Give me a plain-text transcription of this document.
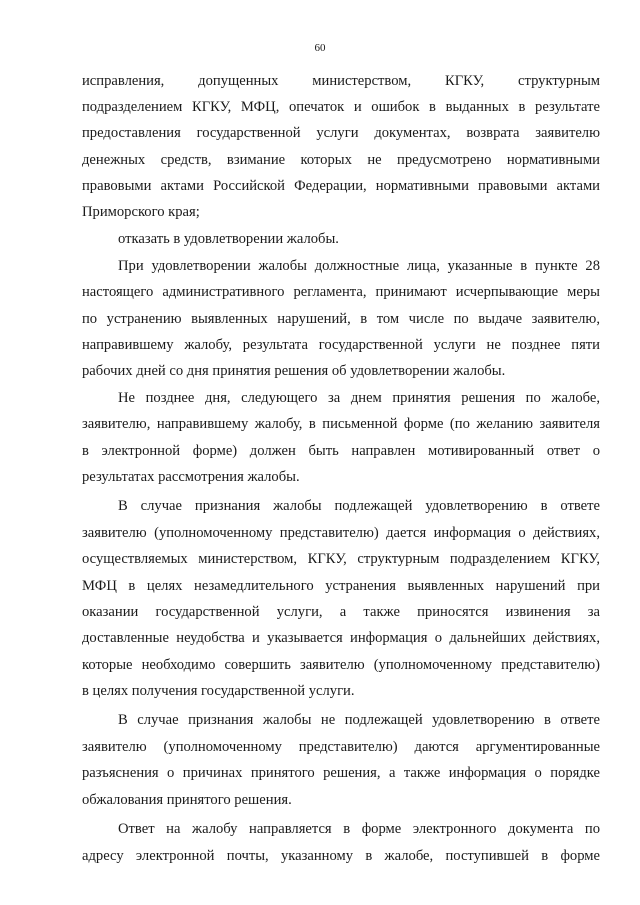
60
исправления, допущенных министерством, КГКУ, структурным
подразделением КГКУ, МФЦ, опечаток и ошибок в выданных в результате
предоставления государственной услуги документах, возврата заявителю
денежных средств, взимание которых не предусмотрено нормативными
правовыми актами Российской Федерации, нормативными правовыми актами
Приморского края;
отказать в удовлетворении жалобы.
При удовлетворении жалобы должностные лица, указанные в пункте 28
настоящего административного регламента, принимают исчерпывающие меры
по устранению выявленных нарушений, в том числе по выдаче заявителю,
направившему жалобу, результата государственной услуги не позднее пяти
рабочих дней со дня принятия решения об удовлетворении жалобы.
Не позднее дня, следующего за днем принятия решения по жалобе,
заявителю, направившему жалобу, в письменной форме (по желанию заявителя
в электронной форме) должен быть направлен мотивированный ответ о
результатах рассмотрения жалобы.
В случае признания жалобы подлежащей удовлетворению в ответе
заявителю (уполномоченному представителю) дается информация о действиях,
осуществляемых министерством, КГКУ, структурным подразделением КГКУ,
МФЦ в целях незамедлительного устранения выявленных нарушений при
оказании государственной услуги, а также приносятся извинения за
доставленные неудобства и указывается информация о дальнейших действиях,
которые необходимо совершить заявителю (уполномоченному представителю)
в целях получения государственной услуги.
В случае признания жалобы не подлежащей удовлетворению в ответе
заявителю (уполномоченному представителю) даются аргументированные
разъяснения о причинах принятого решения, а также информация о порядке
обжалования принятого решения.
Ответ на жалобу направляется в форме электронного документа по
адресу электронной почты, указанному в жалобе, поступившей в форме
